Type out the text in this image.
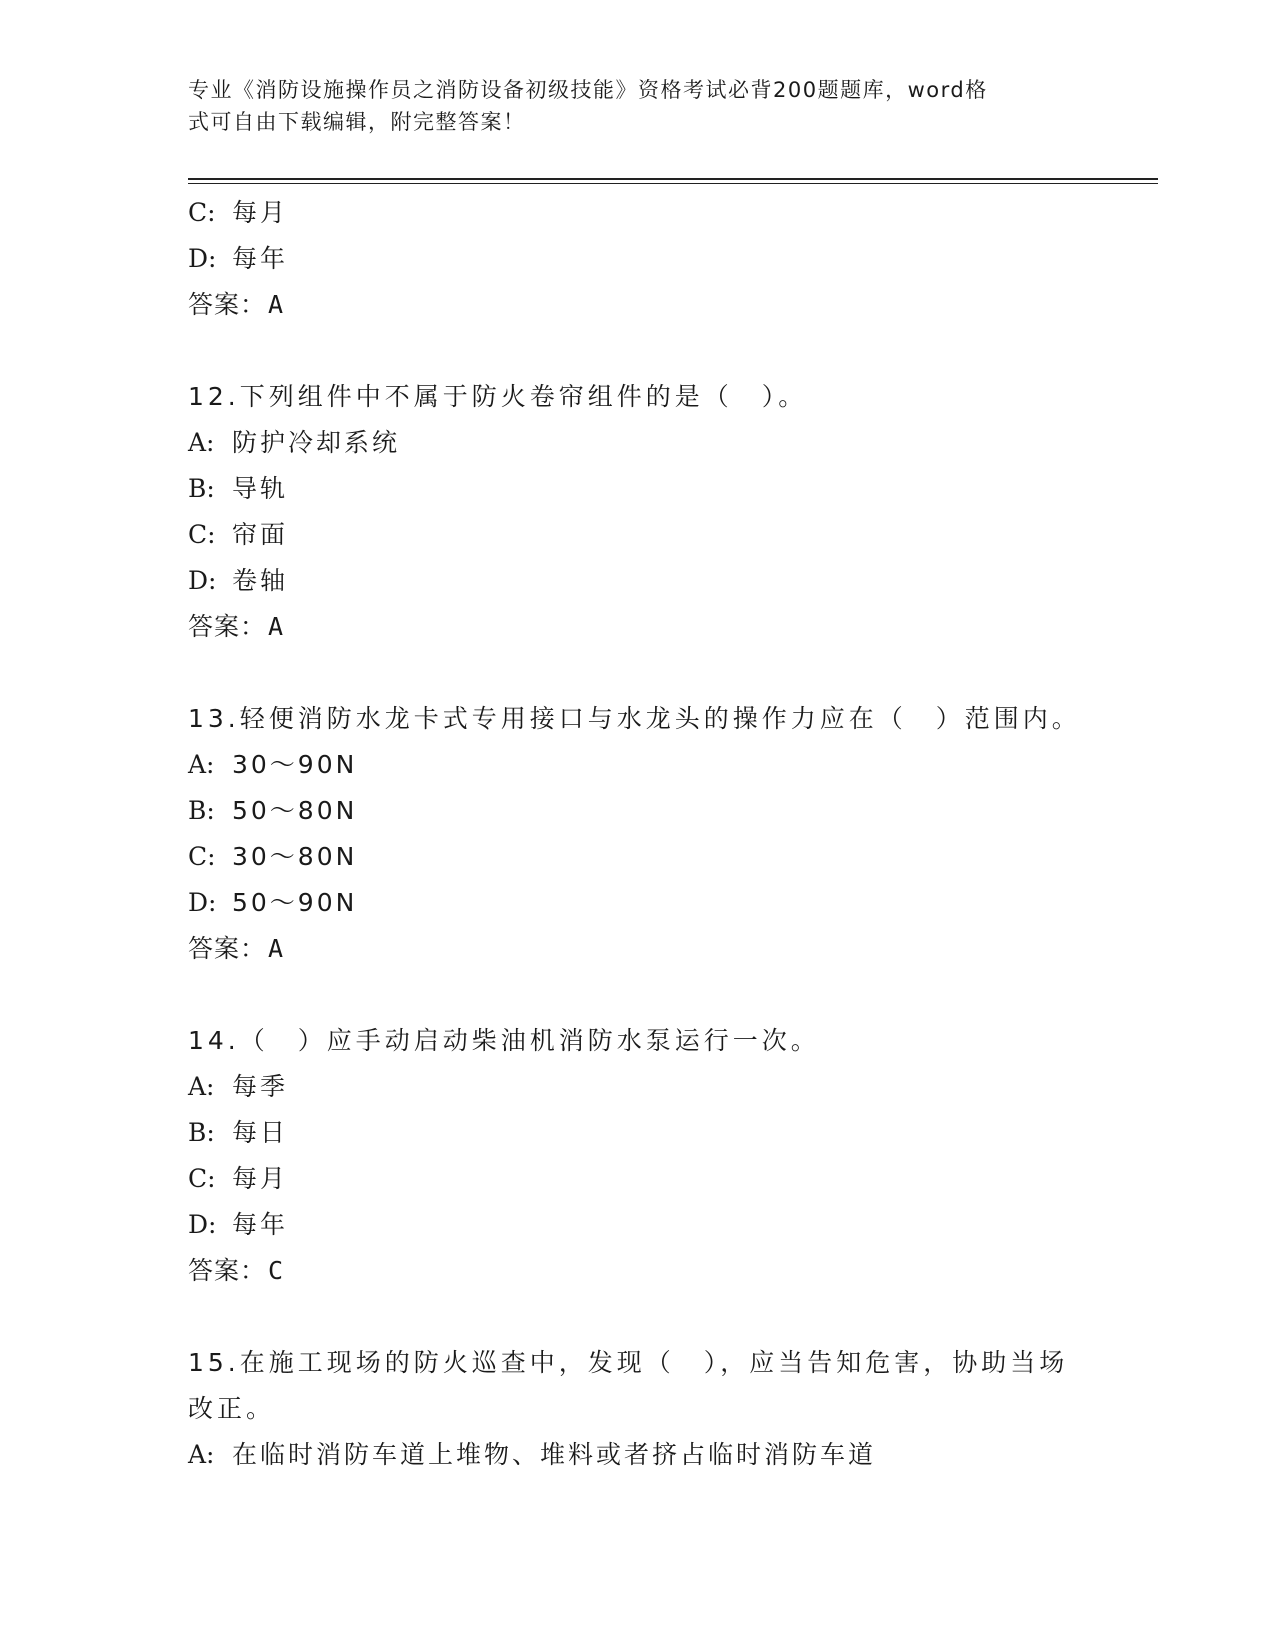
专业《消防设施操作员之消防设备初级技能》资格考试必背200题题库，word格
式可自由下载编辑，附完整答案！
C: 每月
D: 每年
答案：A
12.下列组件中不属于防火卷帘组件的是（　）。
A: 防护冷却系统
B: 导轨
C: 帘面
D: 卷轴
答案：A
13.轻便消防水龙卡式专用接口与水龙头的操作力应在（　）范围内。
A: 30～90N
B: 50～80N
C: 30～80N
D: 50～90N
答案：A
14.（　）应手动启动柴油机消防水泵运行一次。
A: 每季
B: 每日
C: 每月
D: 每年
答案：C
15.在施工现场的防火巡查中，发现（　），应当告知危害，协助当场
改正。
A: 在临时消防车道上堆物、堆料或者挤占临时消防车道
